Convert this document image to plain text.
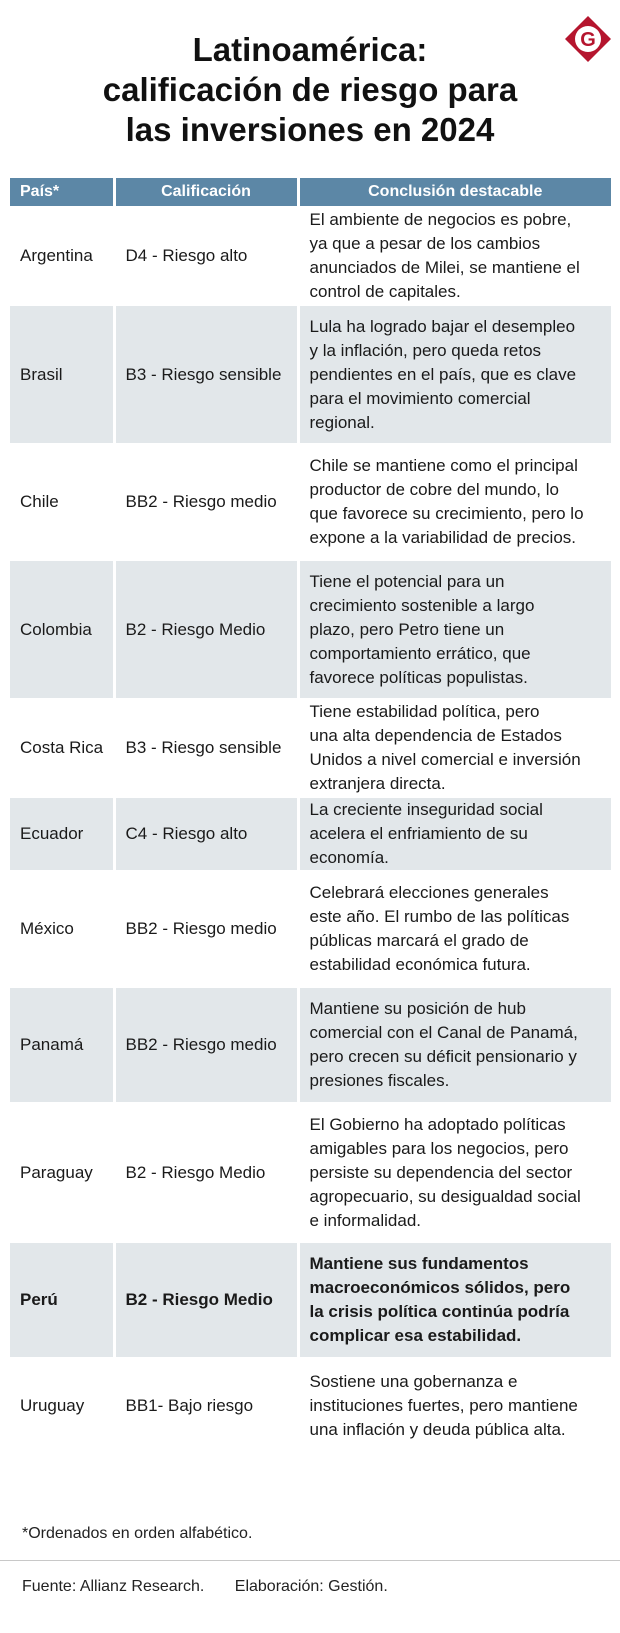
G
Latinoamérica:
calificación de riesgo para
las inversiones en 2024
País*	Calificación	Conclusión destacable
Argentina	D4 - Riesgo alto	El ambiente de negocios es pobre,
ya que a pesar de los cambios
anunciados de Milei, se mantiene el
control de capitales.

Brasil	B3 - Riesgo sensible	Lula ha logrado bajar el desempleo
y la inflación, pero queda retos
pendientes en el país, que es clave
para el movimiento comercial
regional.

Chile	BB2 - Riesgo medio	Chile se mantiene como el principal
productor de cobre del mundo, lo
que favorece su crecimiento, pero lo
expone a la variabilidad de precios.

Colombia	B2 - Riesgo Medio	Tiene el potencial para un
crecimiento sostenible a largo
plazo, pero Petro tiene un
comportamiento errático, que
favorece políticas populistas.

Costa Rica	B3 - Riesgo sensible	Tiene estabilidad política, pero
una alta dependencia de Estados
Unidos a nivel comercial e inversión
extranjera directa.

Ecuador	C4 - Riesgo alto	La creciente inseguridad social
acelera el enfriamiento de su
economía.

México	BB2 - Riesgo medio	Celebrará elecciones generales
este año. El rumbo de las políticas
públicas marcará el grado de
estabilidad económica futura.

Panamá	BB2 - Riesgo medio	Mantiene su posición de hub
comercial con el Canal de Panamá,
pero crecen su déficit pensionario y
presiones fiscales.

Paraguay	B2 - Riesgo Medio	El Gobierno ha adoptado políticas
amigables para los negocios, pero
persiste su dependencia del sector
agropecuario, su desigualdad social
e informalidad.

Perú	B2 - Riesgo Medio	Mantiene sus fundamentos
macroeconómicos sólidos, pero
la crisis política continúa podría
complicar esa estabilidad.

Uruguay	BB1- Bajo riesgo	Sostiene una gobernanza e
instituciones fuertes, pero mantiene
una inflación y deuda pública alta.
*Ordenados en orden alfabético.
Fuente: Allianz Research. Elaboración: Gestión.
